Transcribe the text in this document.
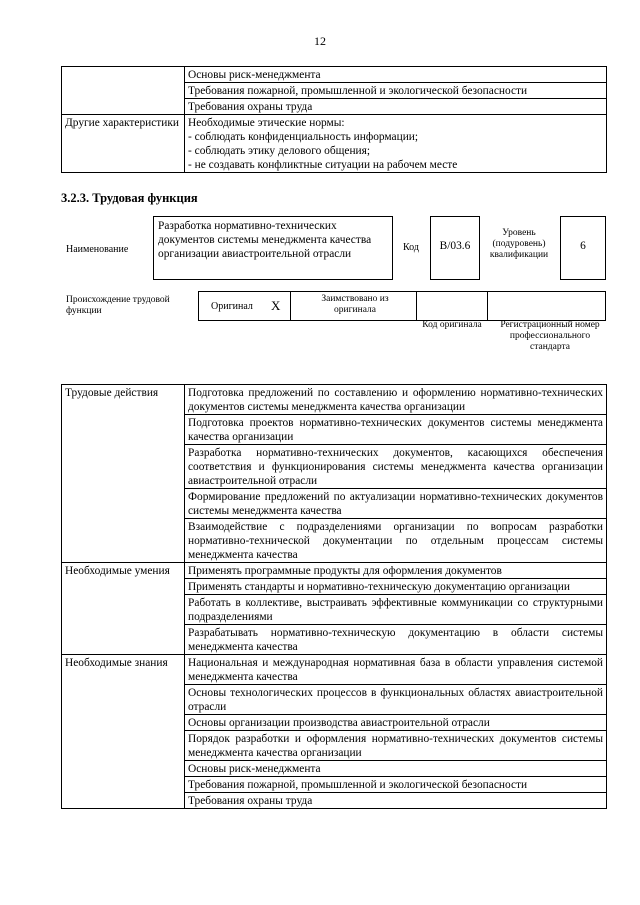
12
	Основы риск-менеджмента
	Требования пожарной, промышленной и экологической безопасности
	Требования охраны труда
Другие характеристики	Необходимые этические нормы:
- соблюдать конфиденциальность информации;
- соблюдать этику делового общения;
- не создавать конфликтные ситуации на рабочем месте
3.2.3. Трудовая функция
Наименование
Разработка нормативно-технических документов системы менеджмента качества организации авиастроительной отрасли
Код	В/03.6
Уровень (подуровень) квалификации
6
Происхождение трудовой функции	Оригинал X	Заимствовано из оригинала
Код оригинала Регистрационный номер профессионального стандарта
Трудовые действия	Подготовка предложений по составлению и оформлению нормативно-технических документов системы менеджмента качества организации
	Подготовка проектов нормативно-технических документов системы менеджмента качества организации
	Разработка нормативно-технических документов, касающихся обеспечения соответствия и функционирования системы менеджмента качества организации авиастроительной отрасли
	Формирование предложений по актуализации нормативно-технических документов системы менеджмента качества
	Взаимодействие с подразделениями организации по вопросам разработки нормативно-технической документации по отдельным процессам системы менеджмента качества
Необходимые умения	Применять программные продукты для оформления документов
	Применять стандарты и нормативно-техническую документацию организации
	Работать в коллективе, выстраивать эффективные коммуникации со структурными подразделениями
	Разрабатывать нормативно-техническую документацию в области системы менеджмента качества
Необходимые знания	Национальная и международная нормативная база в области управления системой менеджмента качества
	Основы технологических процессов в функциональных областях авиастроительной отрасли
	Основы организации производства авиастроительной отрасли
	Порядок разработки и оформления нормативно-технических документов системы менеджмента качества организации
	Основы риск-менеджмента
	Требования пожарной, промышленной и экологической безопасности
	Требования охраны труда
